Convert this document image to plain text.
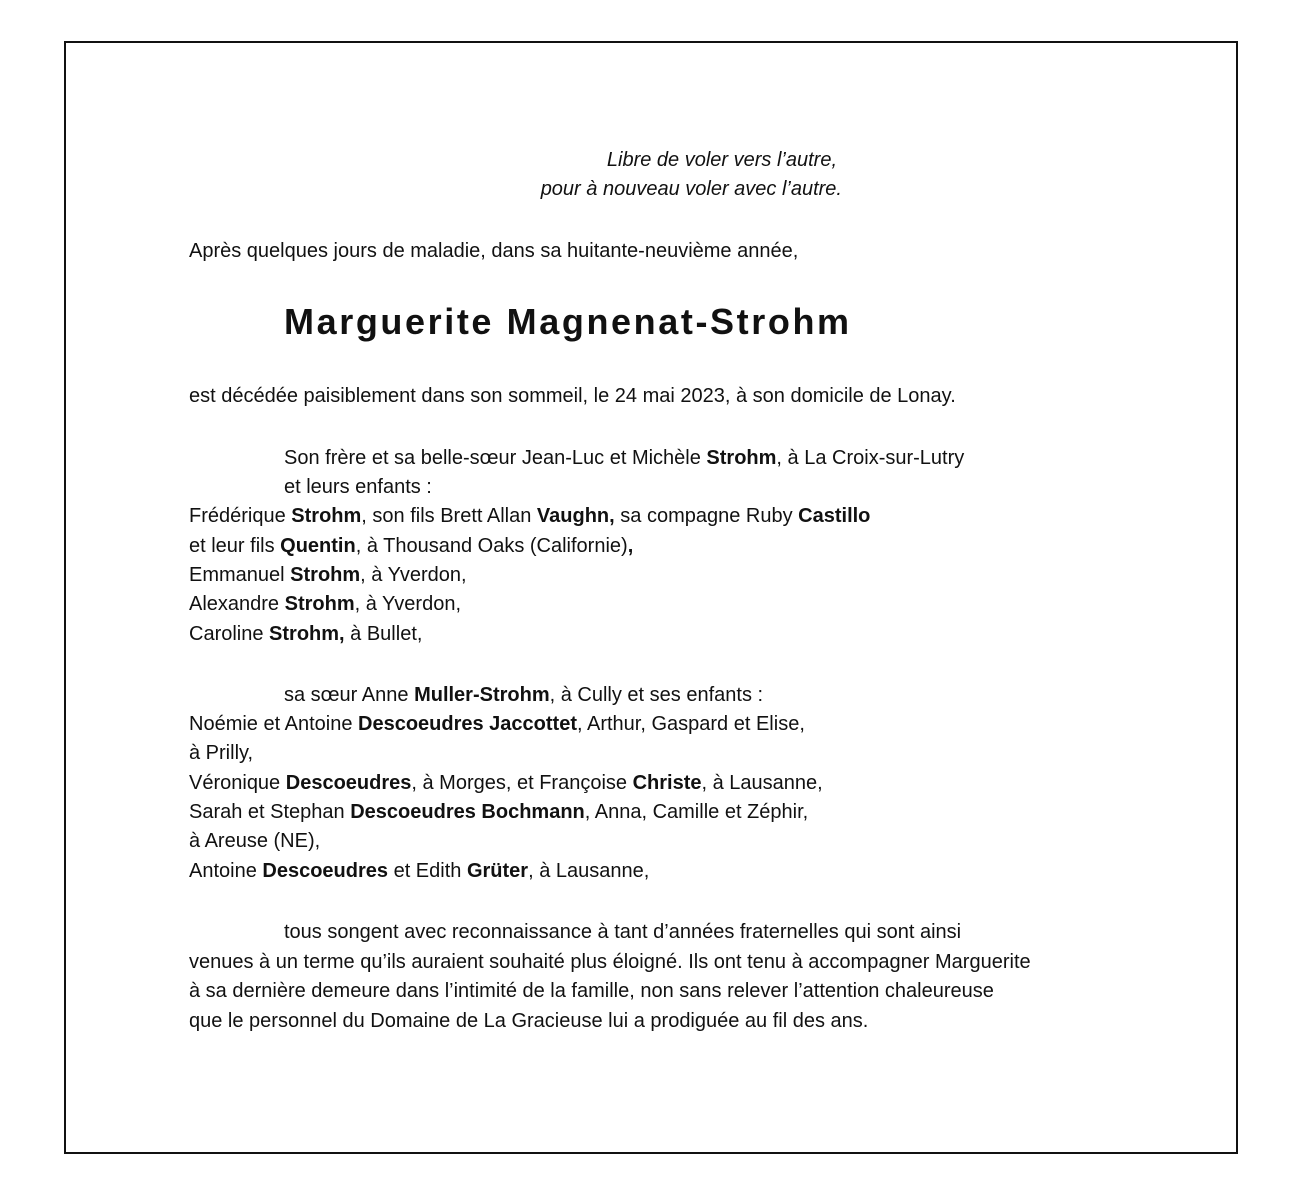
Libre de voler vers l’autre,
pour à nouveau voler avec l’autre.
Après quelques jours de maladie, dans sa huitante-neuvième année,
Marguerite Magnenat-Strohm
est décédée paisiblement dans son sommeil, le 24 mai 2023, à son domicile de Lonay.
Son frère et sa belle-sœur Jean-Luc et Michèle Strohm, à La Croix-sur-Lutry
et leurs enfants :
Frédérique Strohm, son fils Brett Allan Vaughn, sa compagne Ruby Castillo
et leur fils Quentin, à Thousand Oaks (Californie),
Emmanuel Strohm, à Yverdon,
Alexandre Strohm, à Yverdon,
Caroline Strohm, à Bullet,
sa sœur Anne Muller-Strohm, à Cully et ses enfants :
Noémie et Antoine Descoeudres Jaccottet, Arthur, Gaspard et Elise,
à Prilly,
Véronique Descoeudres, à Morges, et Françoise Christe, à Lausanne,
Sarah et Stephan Descoeudres Bochmann, Anna, Camille et Zéphir,
à Areuse (NE),
Antoine Descoeudres et Edith Grüter, à Lausanne,
tous songent avec reconnaissance à tant d’années fraternelles qui sont ainsi
venues à un terme qu’ils auraient souhaité plus éloigné. Ils ont tenu à accompagner Marguerite
à sa dernière demeure dans l’intimité de la famille, non sans relever l’attention chaleureuse
que le personnel du Domaine de La Gracieuse lui a prodiguée au fil des ans.
